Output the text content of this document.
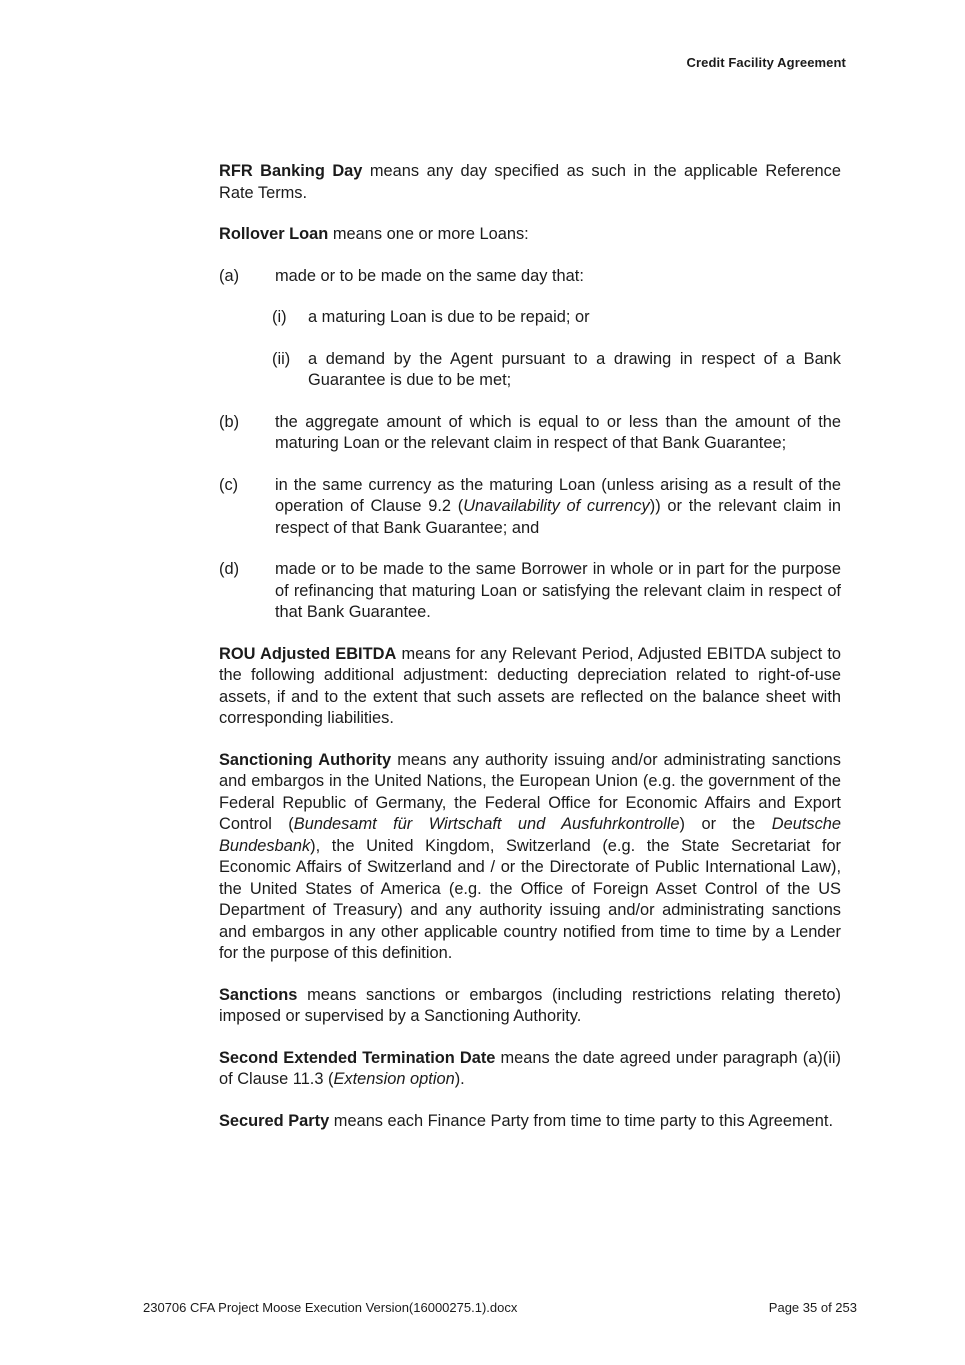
Credit Facility Agreement

RFR Banking Day means any day specified as such in the applicable Reference Rate Terms.

Rollover Loan means one or more Loans:

(a)	made or to be made on the same day that:
(i)	a maturing Loan is due to be repaid; or
(ii)	a demand by the Agent pursuant to a drawing in respect of a Bank Guarantee is due to be met;
(b)	the aggregate amount of which is equal to or less than the amount of the maturing Loan or the relevant claim in respect of that Bank Guarantee;
(c)	in the same currency as the maturing Loan (unless arising as a result of the operation of Clause 9.2 (Unavailability of currency)) or the relevant claim in respect of that Bank Guarantee; and
(d)	made or to be made to the same Borrower in whole or in part for the purpose of refinancing that maturing Loan or satisfying the relevant claim in respect of that Bank Guarantee.

ROU Adjusted EBITDA means for any Relevant Period, Adjusted EBITDA subject to the following additional adjustment: deducting depreciation related to right-of-use assets, if and to the extent that such assets are reflected on the balance sheet with corresponding liabilities.

Sanctioning Authority means any authority issuing and/or administrating sanctions and embargos in the United Nations, the European Union (e.g. the government of the Federal Republic of Germany, the Federal Office for Economic Affairs and Export Control (Bundesamt für Wirtschaft und Ausfuhrkontrolle) or the Deutsche Bundesbank), the United Kingdom, Switzerland (e.g. the State Secretariat for Economic Affairs of Switzerland and / or the Directorate of Public International Law), the United States of America (e.g. the Office of Foreign Asset Control of the US Department of Treasury) and any authority issuing and/or administrating sanctions and embargos in any other applicable country notified from time to time by a Lender for the purpose of this definition.

Sanctions means sanctions or embargos (including restrictions relating thereto) imposed or supervised by a Sanctioning Authority.

Second Extended Termination Date means the date agreed under paragraph (a)(ii) of Clause 11.3 (Extension option).

Secured Party means each Finance Party from time to time party to this Agreement.

230706 CFA Project Moose Execution Version(16000275.1).docx	Page 35 of 253
